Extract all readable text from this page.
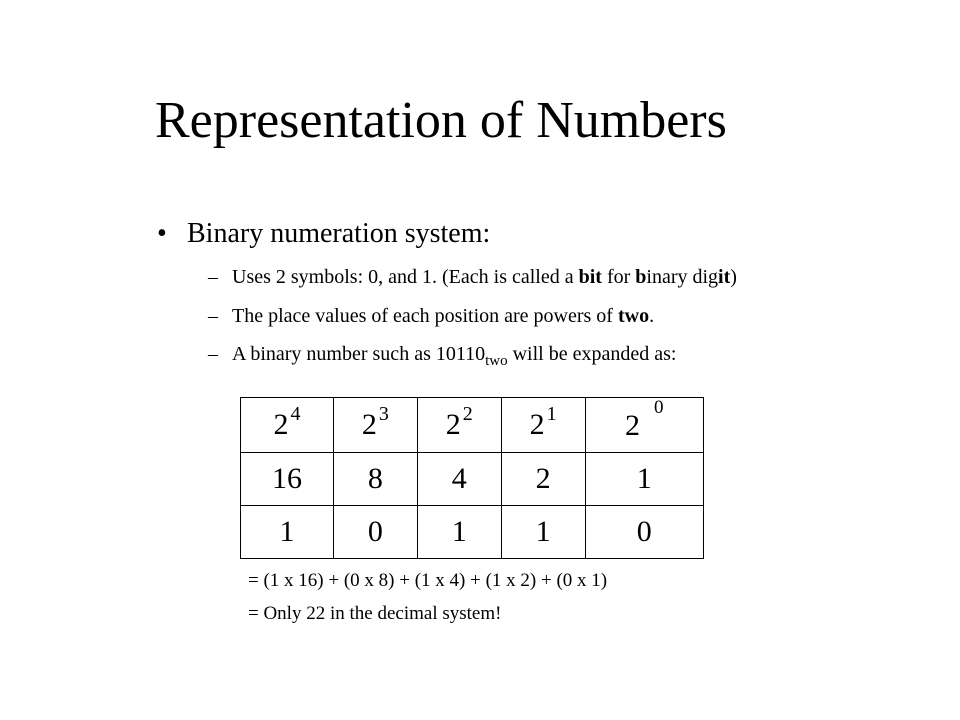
Representation of Numbers
• Binary numeration system:
– Uses 2 symbols: 0, and 1. (Each is called a bit for binary digit)
– The place values of each position are powers of two.
– A binary number such as $10110_{two}$ will be expanded as:
2 $^4$	2 $^3$	2 $^2$	2 $^1$	$2^0$
16	8	4	2	1
1	0	1	1	0
= (1 x 16) + (0 x 8) + (1 x 4) + (1 x 2) + (0 x 1)
= Only 22 in the decimal system!
